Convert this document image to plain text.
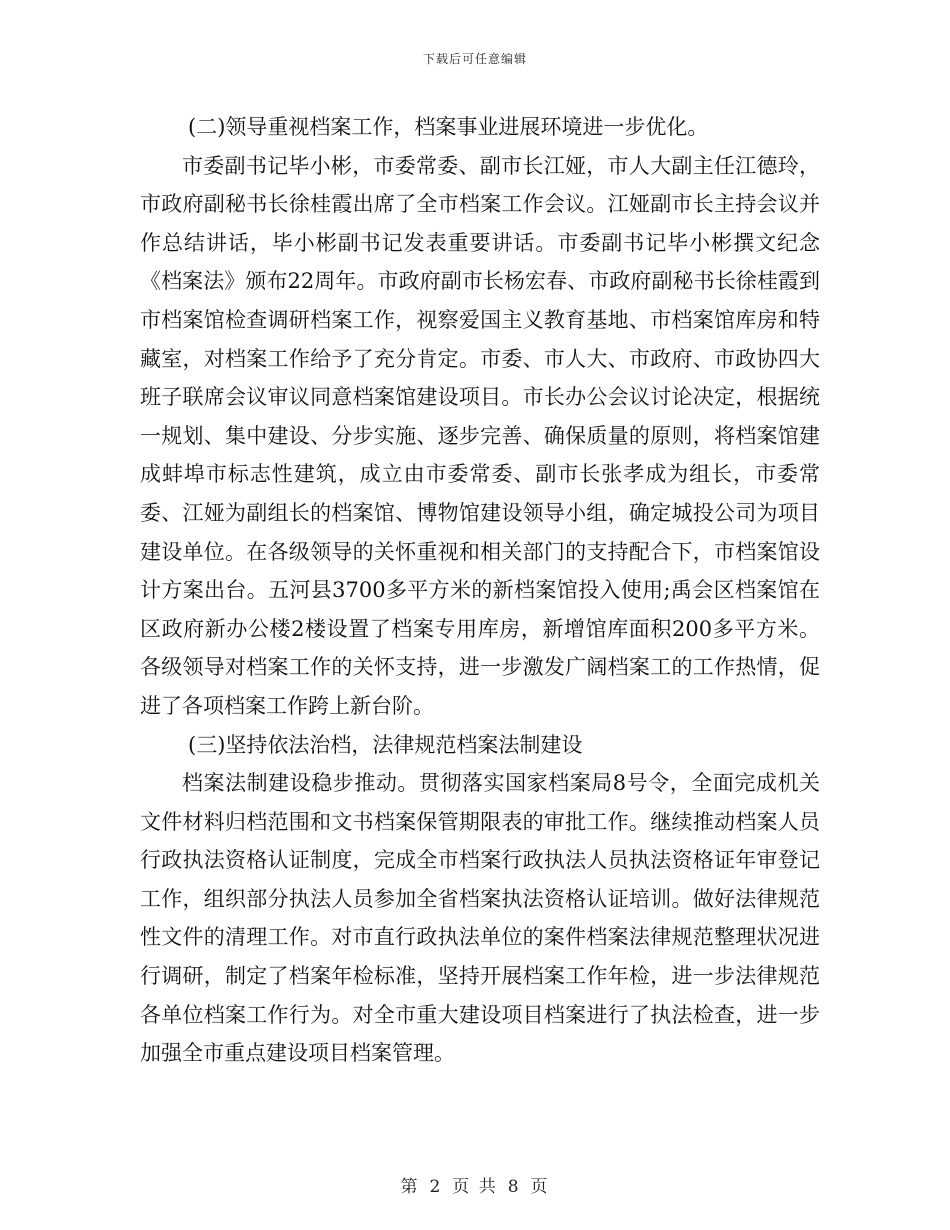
下载后可任意编辑

(二)领导重视档案工作，档案事业进展环境进一步优化。

市委副书记毕小彬，市委常委、副市长江娅，市人大副主任江德玲，市政府副秘书长徐桂霞出席了全市档案工作会议。江娅副市长主持会议并作总结讲话，毕小彬副书记发表重要讲话。市委副书记毕小彬撰文纪念《档案法》颁布22周年。市政府副市长杨宏春、市政府副秘书长徐桂霞到市档案馆检查调研档案工作，视察爱国主义教育基地、市档案馆库房和特藏室，对档案工作给予了充分肯定。市委、市人大、市政府、市政协四大班子联席会议审议同意档案馆建设项目。市长办公会议讨论决定，根据统一规划、集中建设、分步实施、逐步完善、确保质量的原则，将档案馆建成蚌埠市标志性建筑，成立由市委常委、副市长张孝成为组长，市委常委、江娅为副组长的档案馆、博物馆建设领导小组，确定城投公司为项目建设单位。在各级领导的关怀重视和相关部门的支持配合下，市档案馆设计方案出台。五河县3700多平方米的新档案馆投入使用;禹会区档案馆在区政府新办公楼2楼设置了档案专用库房，新增馆库面积200多平方米。各级领导对档案工作的关怀支持，进一步激发广阔档案工的工作热情，促进了各项档案工作跨上新台阶。

(三)坚持依法治档，法律规范档案法制建设

档案法制建设稳步推动。贯彻落实国家档案局8号令，全面完成机关文件材料归档范围和文书档案保管期限表的审批工作。继续推动档案人员行政执法资格认证制度，完成全市档案行政执法人员执法资格证年审登记工作，组织部分执法人员参加全省档案执法资格认证培训。做好法律规范性文件的清理工作。对市直行政执法单位的案件档案法律规范整理状况进行调研，制定了档案年检标准，坚持开展档案工作年检，进一步法律规范各单位档案工作行为。对全市重大建设项目档案进行了执法检查，进一步加强全市重点建设项目档案管理。

第 2 页 共 8 页
